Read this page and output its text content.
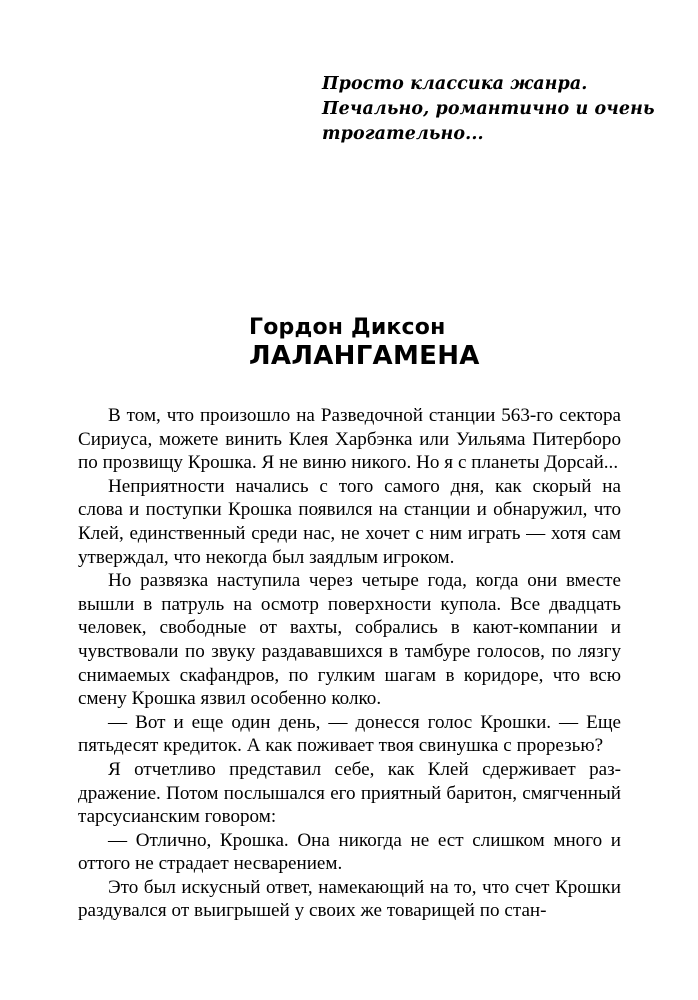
Просто классика жанра.
Печально, романтично и очень
трогательно...
Гордон Диксон
ЛАЛАНГАМЕНА

В том, что произошло на Разведочной станции 563-го сектора Сириуса, можете винить Клея Харбэнка или Уильяма Питерборо по прозвищу Крошка. Я не виню никого. Но я с планеты Дорсай...

Неприятности начались с того самого дня, как скорый на слова и поступки Крошка появился на станции и обнаружил, что Клей, единственный среди нас, не хочет с ним играть — хотя сам утверждал, что некогда был заядлым игроком.

Но развязка наступила через четыре года, когда они вместе вышли в патруль на осмотр поверхности купола. Все двадцать человек, свободные от вахты, собрались в кают-компании и чувствовали по звуку раздававшихся в тамбуре голосов, по лязгу снимаемых скафандров, по гулким шагам в коридоре, что всю смену Крошка язвил особенно колко.

— Вот и еще один день, — донесся голос Крошки. — Еще пятьдесят кредиток. А как поживает твоя свинушка с прорезью?

Я отчетливо представил себе, как Клей сдерживает раздражение. Потом послышался его приятный баритон, смягченный тарсусианским говором:

— Отлично, Крошка. Она никогда не ест слишком много и оттого не страдает несварением.

Это был искусный ответ, намекающий на то, что счет Крошки раздувался от выигрышей у своих же товарищей по стан-
